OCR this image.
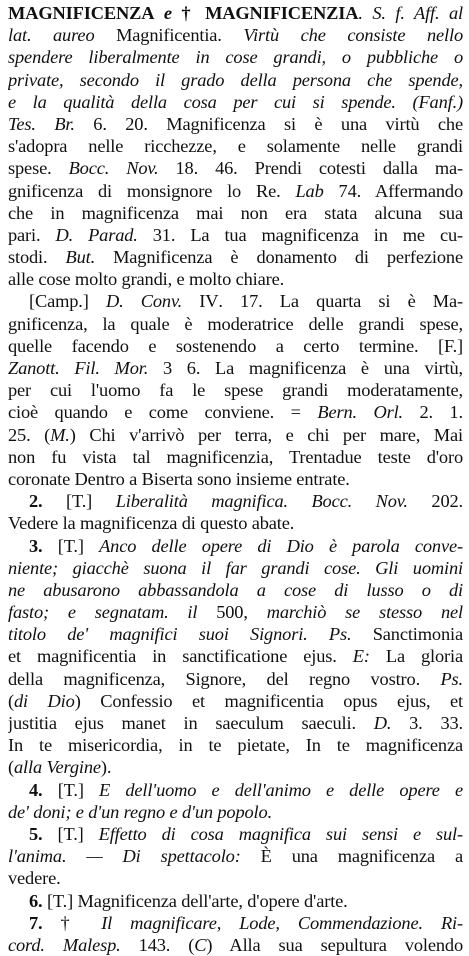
MAGNIFICENZA e † MAGNIFICENZIA. S. f. Aff. al
lat. aureo Magnificentia. Virtù che consiste nello
spendere liberalmente in cose grandi, o pubbliche o
private, secondo il grado della persona che spende,
e la qualità della cosa per cui si spende. (Fanf.)
Tes. Br. 6. 20. Magnificenza si è una virtù che
s'adopra nelle ricchezze, e solamente nelle grandi
spese. Bocc. Nov. 18. 46. Prendi cotesti dalla ma-
gnificenza di monsignore lo Re. Lab 74. Affermando
che in magnificenza mai non era stata alcuna sua
pari. D. Parad. 31. La tua magnificenza in me cu-
stodi. But. Magnificenza è donamento di perfezione
alle cose molto grandi, e molto chiare.
[Camp.] D. Conv. IV. 17. La quarta si è Ma-
gnificenza, la quale è moderatrice delle grandi spese,
quelle facendo e sostenendo a certo termine. [F.]
Zanott. Fil. Mor. 3 6. La magnificenza è una virtù,
per cui l'uomo fa le spese grandi moderatamente,
cioè quando e come conviene. = Bern. Orl. 2. 1.
25. (M.) Chi v'arrivò per terra, e chi per mare, Mai
non fu vista tal magnificenzia, Trentadue teste d'oro
coronate Dentro a Biserta sono insieme entrate.
2. [T.] Liberalità magnifica. Bocc. Nov. 202.
Vedere la magnificenza di questo abate.
3. [T.] Anco delle opere di Dio è parola conve-
niente; giacchè suona il far grandi cose. Gli uomini
ne abusarono abbassandola a cose di lusso o di
fasto; e segnatam. il 500, marchiò se stesso nel
titolo de' magnifici suoi Signori. Ps. Sanctimonia
et magnificentia in sanctificatione ejus. E: La gloria
della magnificenza, Signore, del regno vostro. Ps.
(di Dio) Confessio et magnificentia opus ejus, et
justitia ejus manet in saeculum saeculi. D. 3. 33.
In te misericordia, in te pietate, In te magnificenza
(alla Vergine).
4. [T.] E dell'uomo e dell'animo e delle opere e
de' doni; e d'un regno e d'un popolo.
5. [T.] Effetto di cosa magnifica sui sensi e sul-
l'anima. — Di spettacolo: È una magnificenza a
vedere.
6. [T.] Magnificenza dell'arte, d'opere d'arte.
7. † Il magnificare, Lode, Commendazione. Ri-
cord. Malesp. 143. (C) Alla sua sepultura volendo
